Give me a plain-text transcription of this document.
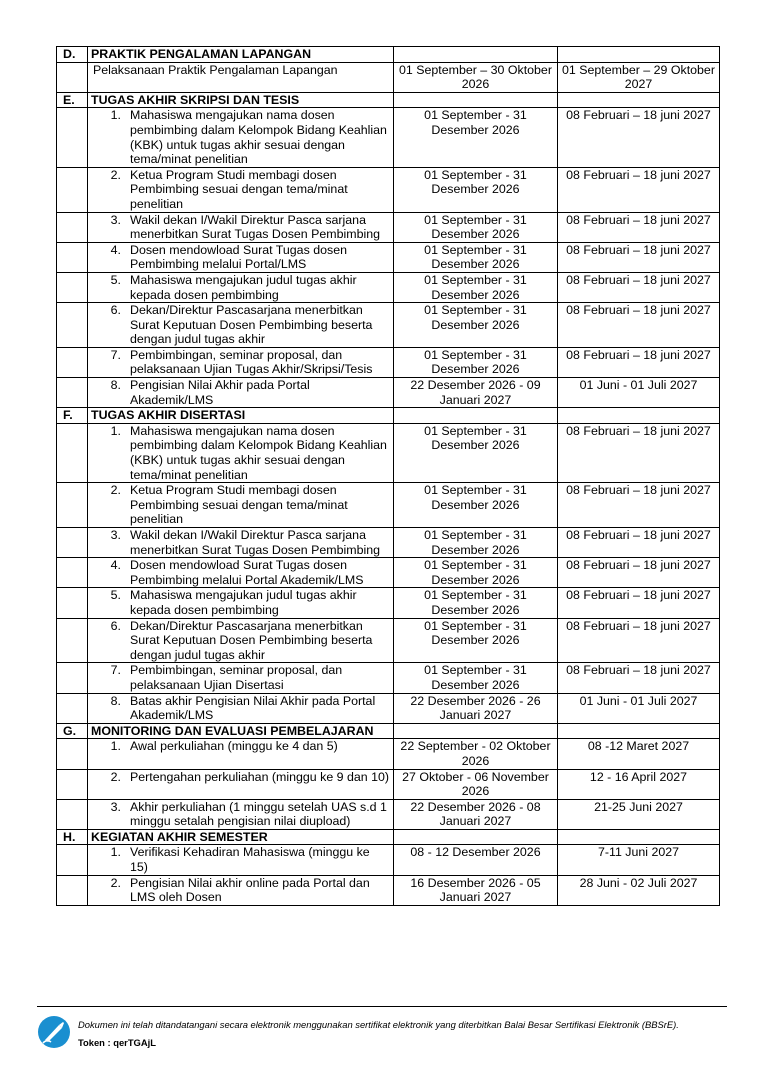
D.	PRAKTIK PENGALAMAN LAPANGAN		

	Pelaksanaan Praktik Pengalaman Lapangan	01 September – 30 Oktober 2026	01 September – 29 Oktober 2027
E.	TUGAS AKHIR SKRIPSI DAN TESIS		

	1. Mahasiswa mengajukan nama dosen pembimbing dalam Kelompok Bidang Keahlian (KBK) untuk tugas akhir sesuai dengan tema/minat penelitian	01 September - 31 Desember 2026	08 Februari – 18 juni 2027

	2. Ketua Program Studi membagi dosen Pembimbing sesuai dengan tema/minat penelitian	01 September - 31 Desember 2026	08 Februari – 18 juni 2027

	3. Wakil dekan I/Wakil Direktur Pasca sarjana menerbitkan Surat Tugas Dosen Pembimbing	01 September - 31 Desember 2026	08 Februari – 18 juni 2027

	4. Dosen mendowload Surat Tugas dosen Pembimbing melalui Portal/LMS	01 September - 31 Desember 2026	08 Februari – 18 juni 2027

	5. Mahasiswa mengajukan judul tugas akhir kepada dosen pembimbing	01 September - 31 Desember 2026	08 Februari – 18 juni 2027

	6. Dekan/Direktur Pascasarjana menerbitkan Surat Keputuan Dosen Pembimbing beserta dengan judul tugas akhir	01 September - 31 Desember 2026	08 Februari – 18 juni 2027

	7. Pembimbingan, seminar proposal, dan pelaksanaan Ujian Tugas Akhir/Skripsi/Tesis	01 September - 31 Desember 2026	08 Februari – 18 juni 2027

	8. Pengisian Nilai Akhir pada Portal Akademik/LMS	22 Desember 2026 - 09 Januari 2027	01 Juni - 01 Juli 2027
F.	TUGAS AKHIR DISERTASI		

	1. Mahasiswa mengajukan nama dosen pembimbing dalam Kelompok Bidang Keahlian (KBK) untuk tugas akhir sesuai dengan tema/minat penelitian	01 September - 31 Desember 2026	08 Februari – 18 juni 2027

	2. Ketua Program Studi membagi dosen Pembimbing sesuai dengan tema/minat penelitian	01 September - 31 Desember 2026	08 Februari – 18 juni 2027

	3. Wakil dekan I/Wakil Direktur Pasca sarjana menerbitkan Surat Tugas Dosen Pembimbing	01 September - 31 Desember 2026	08 Februari – 18 juni 2027

	4. Dosen mendowload Surat Tugas dosen Pembimbing melalui Portal Akademik/LMS	01 September - 31 Desember 2026	08 Februari – 18 juni 2027

	5. Mahasiswa mengajukan judul tugas akhir kepada dosen pembimbing	01 September - 31 Desember 2026	08 Februari – 18 juni 2027

	6. Dekan/Direktur Pascasarjana menerbitkan Surat Keputuan Dosen Pembimbing beserta dengan judul tugas akhir	01 September - 31 Desember 2026	08 Februari – 18 juni 2027

	7. Pembimbingan, seminar proposal, dan pelaksanaan Ujian Disertasi	01 September - 31 Desember 2026	08 Februari – 18 juni 2027

	8. Batas akhir Pengisian Nilai Akhir pada Portal Akademik/LMS	22 Desember 2026 - 26 Januari 2027	01 Juni - 01 Juli 2027
G.	MONITORING DAN EVALUASI PEMBELAJARAN		

	1. Awal perkuliahan (minggu ke 4 dan 5)	22 September - 02 Oktober 2026	08 -12 Maret 2027

	2. Pertengahan perkuliahan (minggu ke 9 dan 10)	27 Oktober - 06 November 2026	12 - 16 April 2027

	3. Akhir perkuliahan (1 minggu setelah UAS s.d 1 minggu setalah pengisian nilai diupload)	22 Desember 2026 - 08 Januari 2027	21-25 Juni 2027
H.	KEGIATAN AKHIR SEMESTER		

	1. Verifikasi Kehadiran Mahasiswa (minggu ke 15)	08 - 12 Desember 2026	7-11 Juni 2027

	2. Pengisian Nilai akhir online pada Portal dan LMS oleh Dosen	16 Desember 2026 - 05 Januari 2027	28 Juni - 02 Juli 2027
Dokumen ini telah ditandatangani secara elektronik menggunakan sertifikat elektronik yang diterbitkan Balai Besar Sertifikasi Elektronik (BBSrE).
Token : qerTGAjL
